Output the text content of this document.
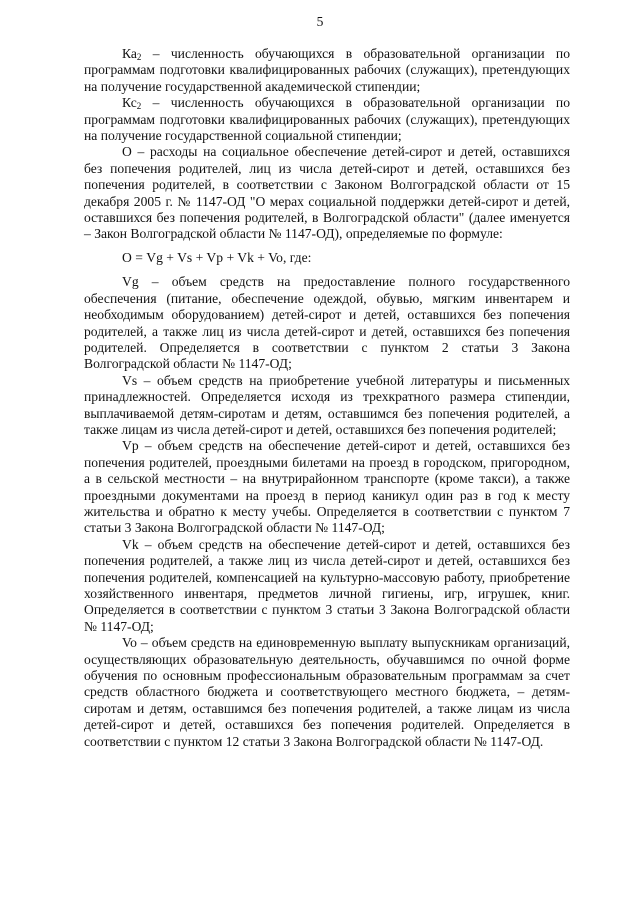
5

$Ка_2$ – численность обучающихся в образовательной организации по программам подготовки квалифицированных рабочих (служащих), претендующих на получение государственной академической стипендии;

$Кс_2$ – численность обучающихся в образовательной организации по программам подготовки квалифицированных рабочих (служащих), претендующих на получение государственной социальной стипендии;

О – расходы на социальное обеспечение детей-сирот и детей, оставшихся без попечения родителей, лиц из числа детей-сирот и детей, оставшихся без попечения родителей, в соответствии с Законом Волгоградской области от 15 декабря 2005 г. № 1147-ОД "О мерах социальной поддержки детей-сирот и детей, оставшихся без попечения родителей, в Волгоградской области" (далее именуется – Закон Волгоградской области № 1147-ОД), определяемые по формуле:

О = Vg + Vs + Vp + Vk + Vo, где:

Vg – объем средств на предоставление полного государственного обеспечения (питание, обеспечение одеждой, обувью, мягким инвентарем и необходимым оборудованием) детей-сирот и детей, оставшихся без попечения родителей, а также лиц из числа детей-сирот и детей, оставшихся без попечения родителей. Определяется в соответствии с пунктом 2 статьи 3 Закона Волгоградской области № 1147-ОД;

Vs – объем средств на приобретение учебной литературы и письменных принадлежностей. Определяется исходя из трехкратного размера стипендии, выплачиваемой детям-сиротам и детям, оставшимся без попечения родителей, а также лицам из числа детей-сирот и детей, оставшихся без попечения родителей;

Vp – объем средств на обеспечение детей-сирот и детей, оставшихся без попечения родителей, проездными билетами на проезд в городском, пригородном, а в сельской местности – на внутрирайонном транспорте (кроме такси), а также проездными документами на проезд в период каникул один раз в год к месту жительства и обратно к месту учебы. Определяется в соответствии с пунктом 7 статьи 3 Закона Волгоградской области № 1147-ОД;

Vk – объем средств на обеспечение детей-сирот и детей, оставшихся без попечения родителей, а также лиц из числа детей-сирот и детей, оставшихся без попечения родителей, компенсацией на культурно-массовую работу, приобретение хозяйственного инвентаря, предметов личной гигиены, игр, игрушек, книг. Определяется в соответствии с пунктом 3 статьи 3 Закона Волгоградской области № 1147-ОД;

Vo – объем средств на единовременную выплату выпускникам организаций, осуществляющих образовательную деятельность, обучавшимся по очной форме обучения по основным профессиональным образовательным программам за счет средств областного бюджета и соответствующего местного бюджета, – детям-сиротам и детям, оставшимся без попечения родителей, а также лицам из числа детей-сирот и детей, оставшихся без попечения родителей. Определяется в соответствии с пунктом 12 статьи 3 Закона Волгоградской области № 1147-ОД.
